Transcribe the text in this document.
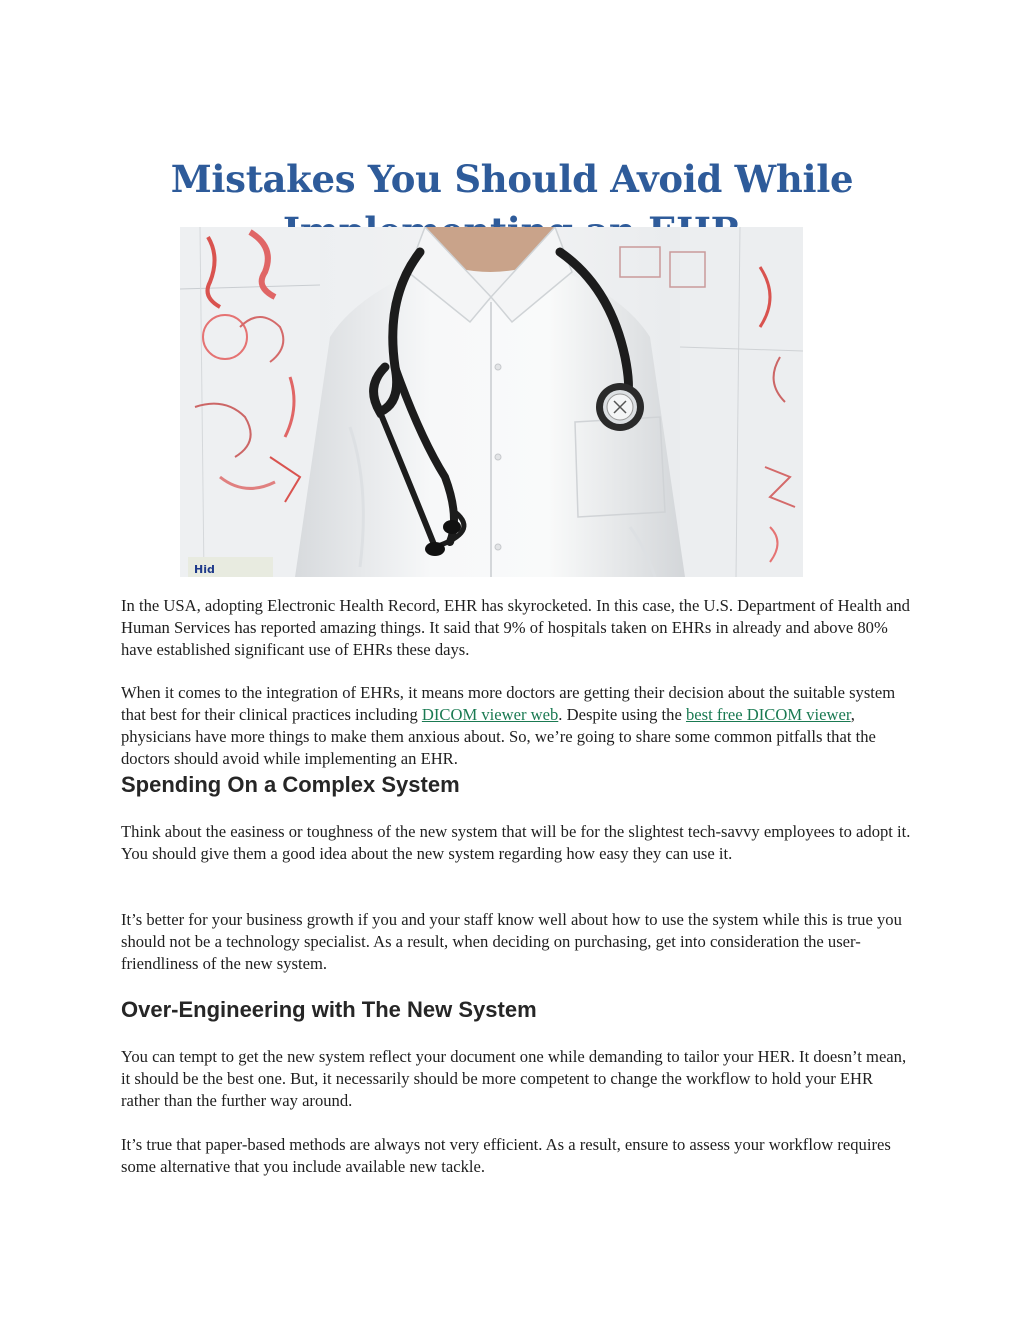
Mistakes You Should Avoid While

Hid

In the USA, adopting Electronic Health Record, EHR has skyrocketed. In this case, the U.S. Department of Health and Human Services has reported amazing things. It said that 9% of hospitals taken on EHRs in already and above 80% have established significant use of EHRs these days.

When it comes to the integration of EHRs, it means more doctors are getting their decision about the suitable system that best for their clinical practices including DICOM viewer web. Despite using the best free DICOM viewer, physicians have more things to make them anxious about. So, we’re going to share some common pitfalls that the doctors should avoid while implementing an EHR.

Spending On a Complex System

Think about the easiness or toughness of the new system that will be for the slightest tech-savvy employees to adopt it. You should give them a good idea about the new system regarding how easy they can use it.

It’s better for your business growth if you and your staff know well about how to use the system while this is true you should not be a technology specialist. As a result, when deciding on purchasing, get into consideration the user-friendliness of the new system.

Over-Engineering with The New System

You can tempt to get the new system reflect your document one while demanding to tailor your HER. It doesn’t mean, it should be the best one. But, it necessarily should be more competent to change the workflow to hold your EHR rather than the further way around.

It’s true that paper-based methods are always not very efficient. As a result, ensure to assess your workflow requires some alternative that you include available new tackle.
